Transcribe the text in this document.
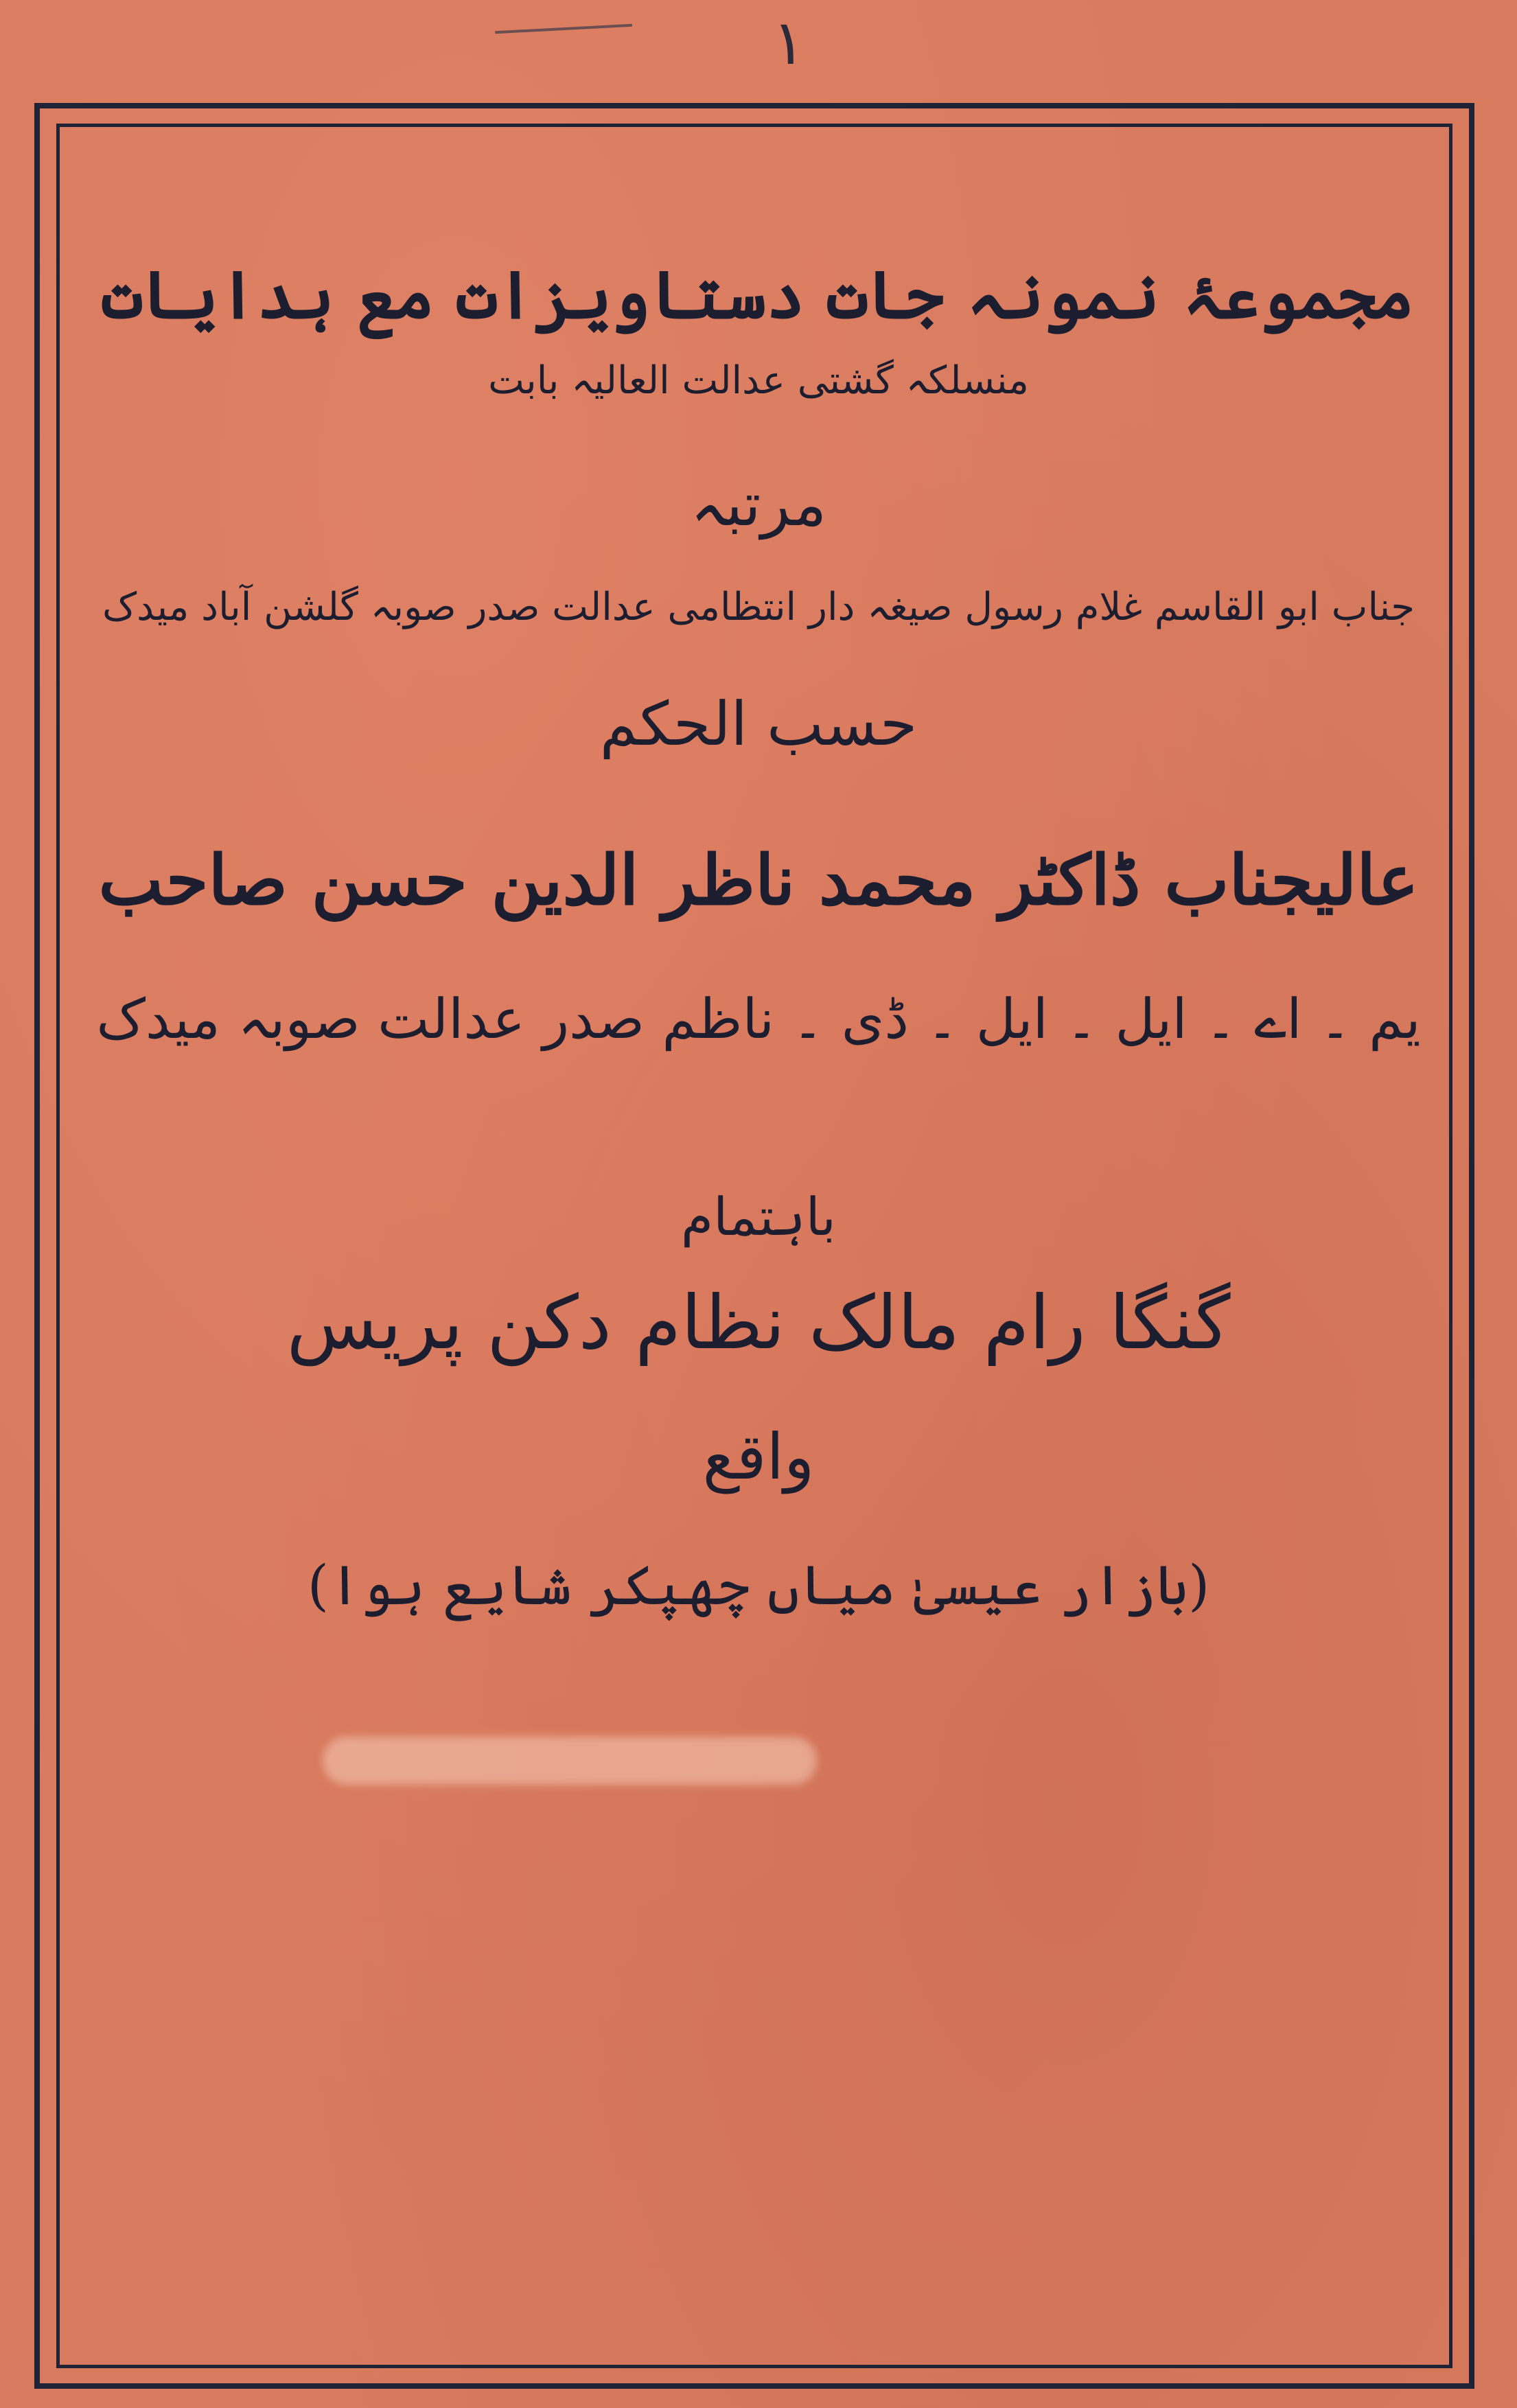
١
مجموعۂ نمونہ جات دستاویزات مع ہدایات
منسلکہ گشتی عدالت العالیہ بابت
مرتبہ
جناب ابو القاسم غلام رسول صیغہ دار انتظامی عدالت صدر صوبہ گلشن آباد میدک
حسب الحکم
عالیجناب ڈاکٹر محمد ناظر الدین حسن صاحب
یم ۔ اے ۔ ایل ۔ ایل ۔ ڈی ۔ ناظم صدر عدالت صوبہ میدک
باہتمام
گنگا رام مالک نظام دکن پریس
واقع
(بازار عیسیٰ میاں چھپکر شایع ہوا)
